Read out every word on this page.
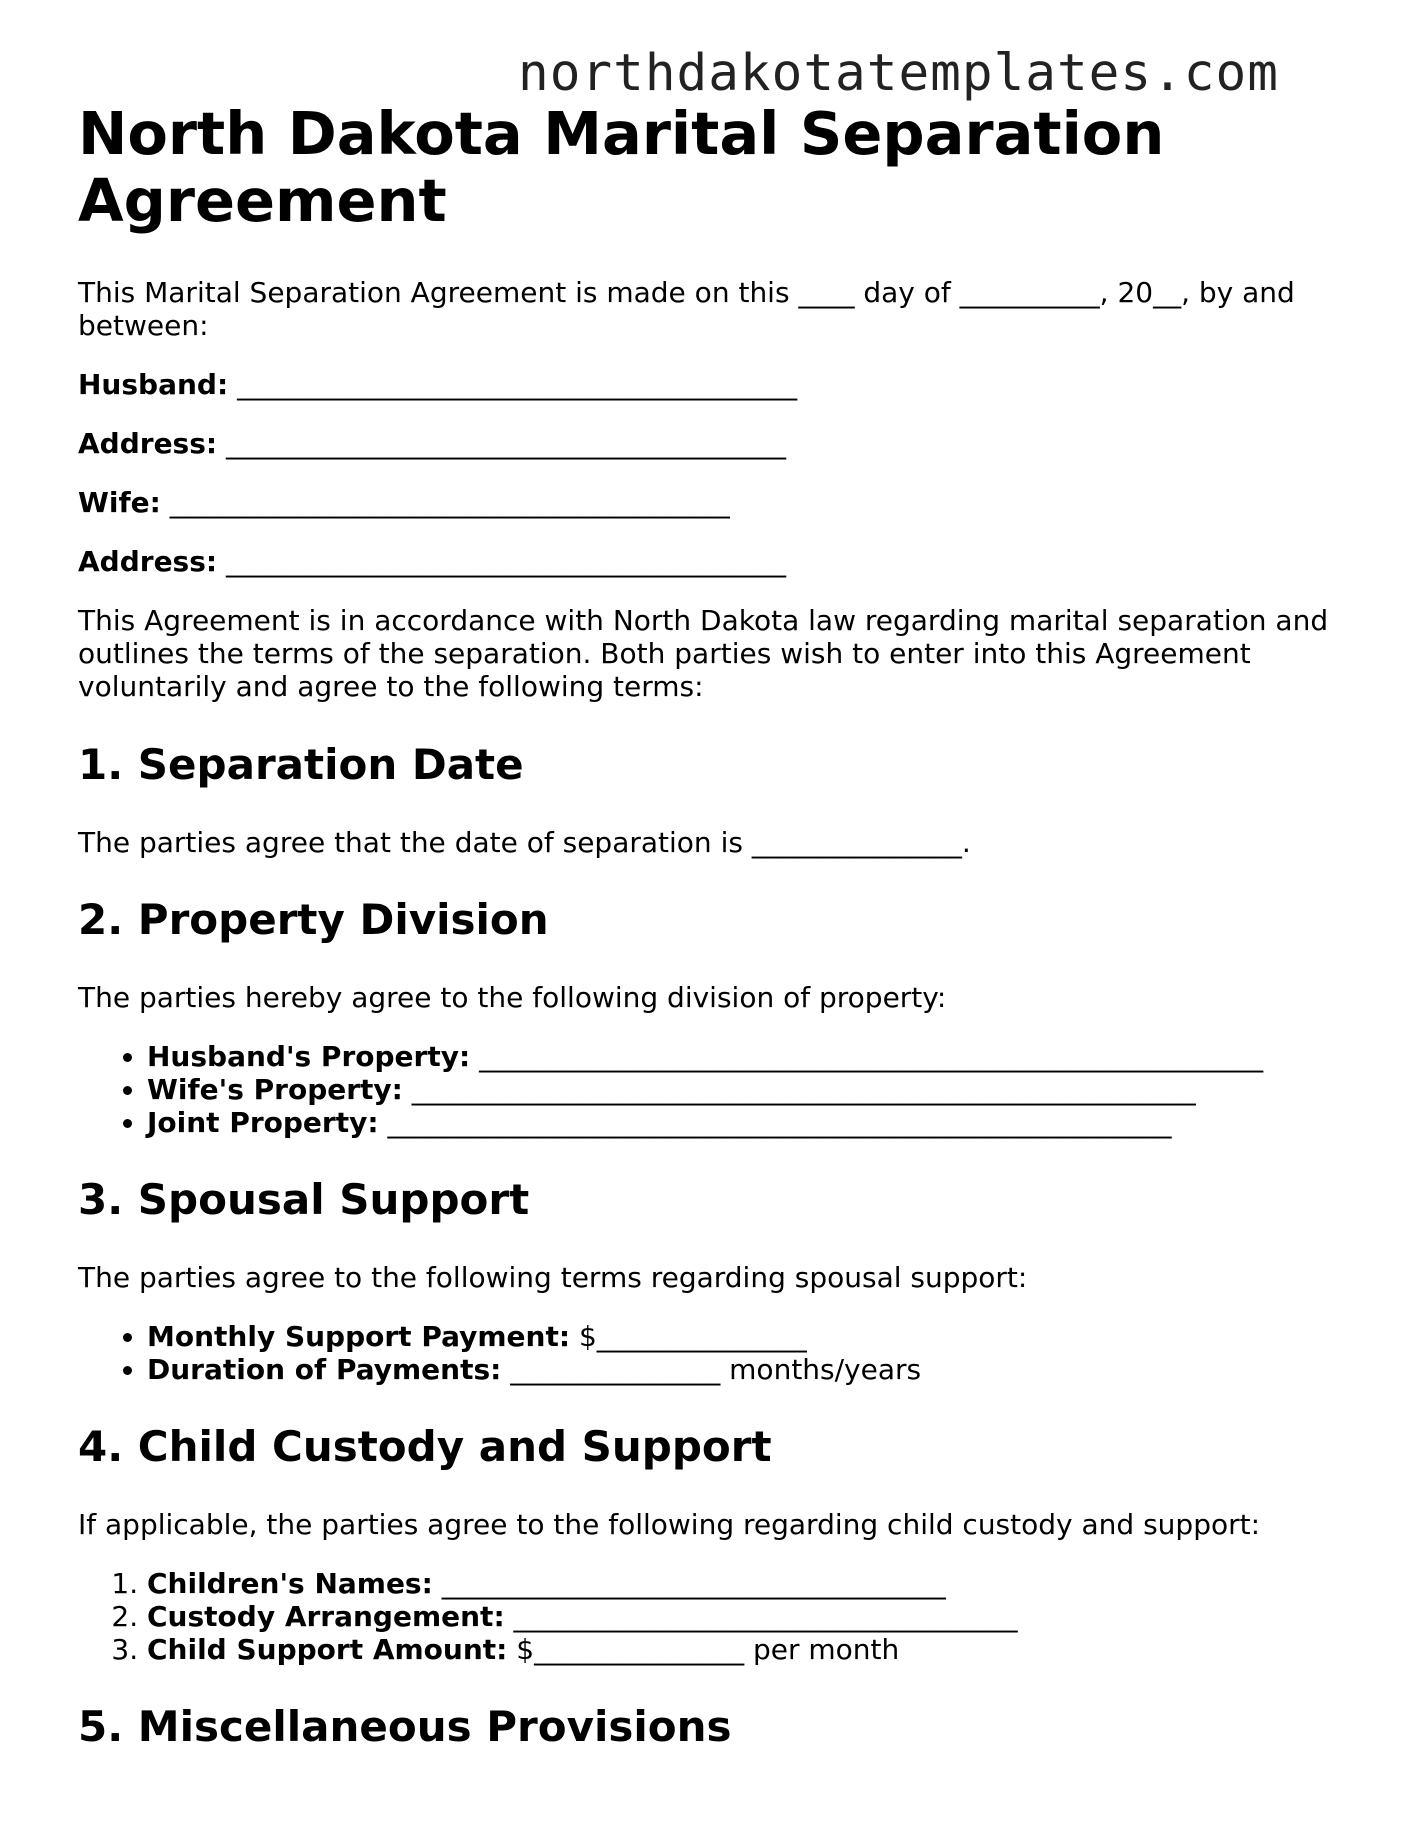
northdakotatemplates.com
North Dakota Marital Separation Agreement

This Marital Separation Agreement is made on this ____ day of __________, 20__, by and between:

Husband: ________________________________________

Address: ________________________________________

Wife: ________________________________________

Address: ________________________________________

This Agreement is in accordance with North Dakota law regarding marital separation and outlines the terms of the separation. Both parties wish to enter into this Agreement voluntarily and agree to the following terms:

1. Separation Date

The parties agree that the date of separation is _______________.

2. Property Division

The parties hereby agree to the following division of property:

• Husband's Property: ________________________________________________________
• Wife's Property: ________________________________________________________
• Joint Property: ________________________________________________________
3. Spousal Support

The parties agree to the following terms regarding spousal support:

• Monthly Support Payment: $_______________
• Duration of Payments: _______________ months/years
4. Child Custody and Support

If applicable, the parties agree to the following regarding child custody and support:

1. Children's Names: ____________________________________
2. Custody Arrangement: ____________________________________
3. Child Support Amount: $_______________ per month
5. Miscellaneous Provisions
